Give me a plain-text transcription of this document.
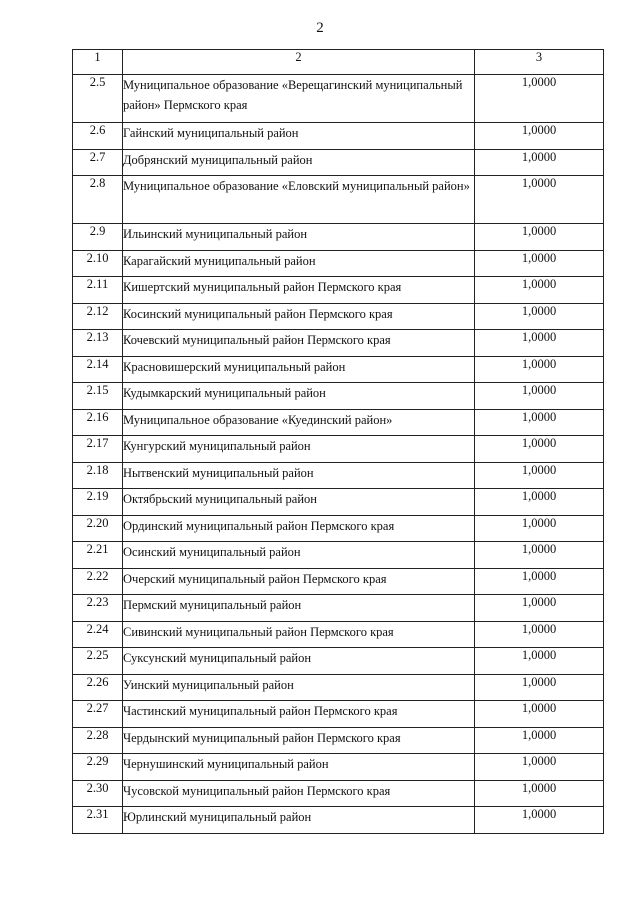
2
1	2	3
2.5	Муниципальное образование «Верещагинский муниципальный район» Пермского края	1,0000
2.6	Гайнский муниципальный район	1,0000
2.7	Добрянский муниципальный район	1,0000
2.8	Муниципальное образование «Еловский муниципальный район»	1,0000
2.9	Ильинский муниципальный район	1,0000
2.10	Карагайский муниципальный район	1,0000
2.11	Кишертский муниципальный район Пермского края	1,0000
2.12	Косинский муниципальный район Пермского края	1,0000
2.13	Кочевский муниципальный район Пермского края	1,0000
2.14	Красновишерский муниципальный район	1,0000
2.15	Кудымкарский муниципальный район	1,0000
2.16	Муниципальное образование «Куединский район»	1,0000
2.17	Кунгурский муниципальный район	1,0000
2.18	Нытвенский муниципальный район	1,0000
2.19	Октябрьский муниципальный район	1,0000
2.20	Ординский муниципальный район Пермского края	1,0000
2.21	Осинский муниципальный район	1,0000
2.22	Очерский муниципальный район Пермского края	1,0000
2.23	Пермский муниципальный район	1,0000
2.24	Сивинский муниципальный район Пермского края	1,0000
2.25	Суксунский муниципальный район	1,0000
2.26	Уинский муниципальный район	1,0000
2.27	Частинский муниципальный район Пермского края	1,0000
2.28	Чердынский муниципальный район Пермского края	1,0000
2.29	Чернушинский муниципальный район	1,0000
2.30	Чусовской муниципальный район Пермского края	1,0000
2.31	Юрлинский муниципальный район	1,0000
